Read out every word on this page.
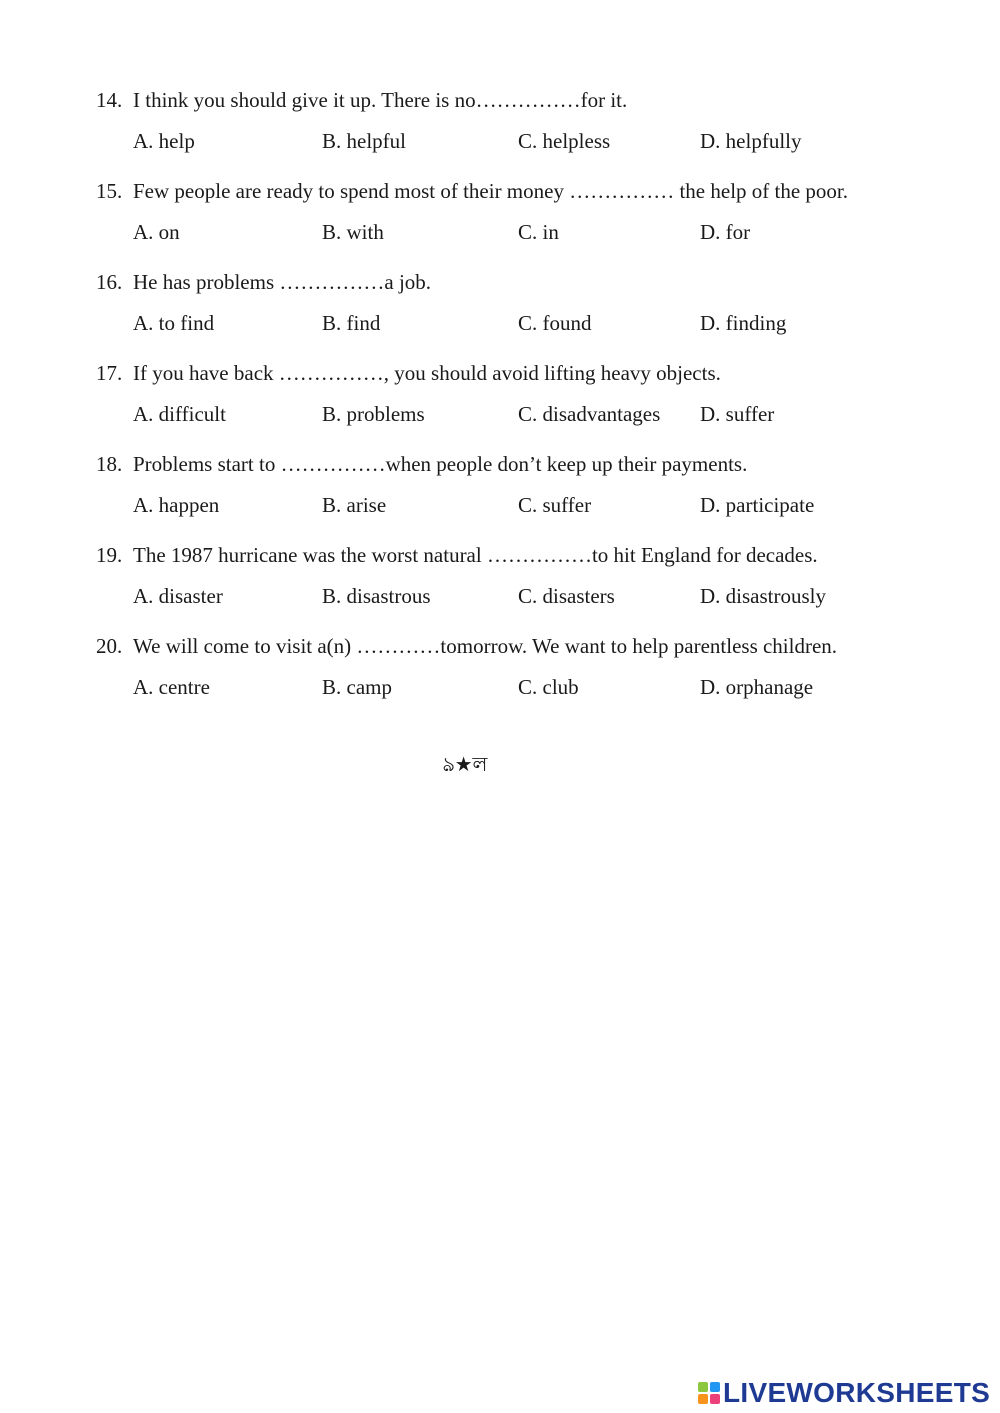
14. I think you should give it up. There is no……………for it.
A. help	B. helpful	C. helpless	D. helpfully
15. Few people are ready to spend most of their money …………… the help of the poor.
A. on	B. with	C. in	D. for
16. He has problems ……………a job.
A. to find	B. find	C. found	D. finding
17. If you have back ……………, you should avoid lifting heavy objects.
A. difficult	B. problems	C. disadvantages D. suffer
18. Problems start to ……………when people don’t keep up their payments.
A. happen	B. arise	C. suffer	D. participate
19. The 1987 hurricane was the worst natural ……………to hit England for decades.
A. disaster	B. disastrous	C. disasters	D. disastrously
20. We will come to visit a(n) …………tomorrow. We want to help parentless children.
A. centre	B. camp	C. club	D. orphanage
ঌ★ল
LIVEWORKSHEETS
